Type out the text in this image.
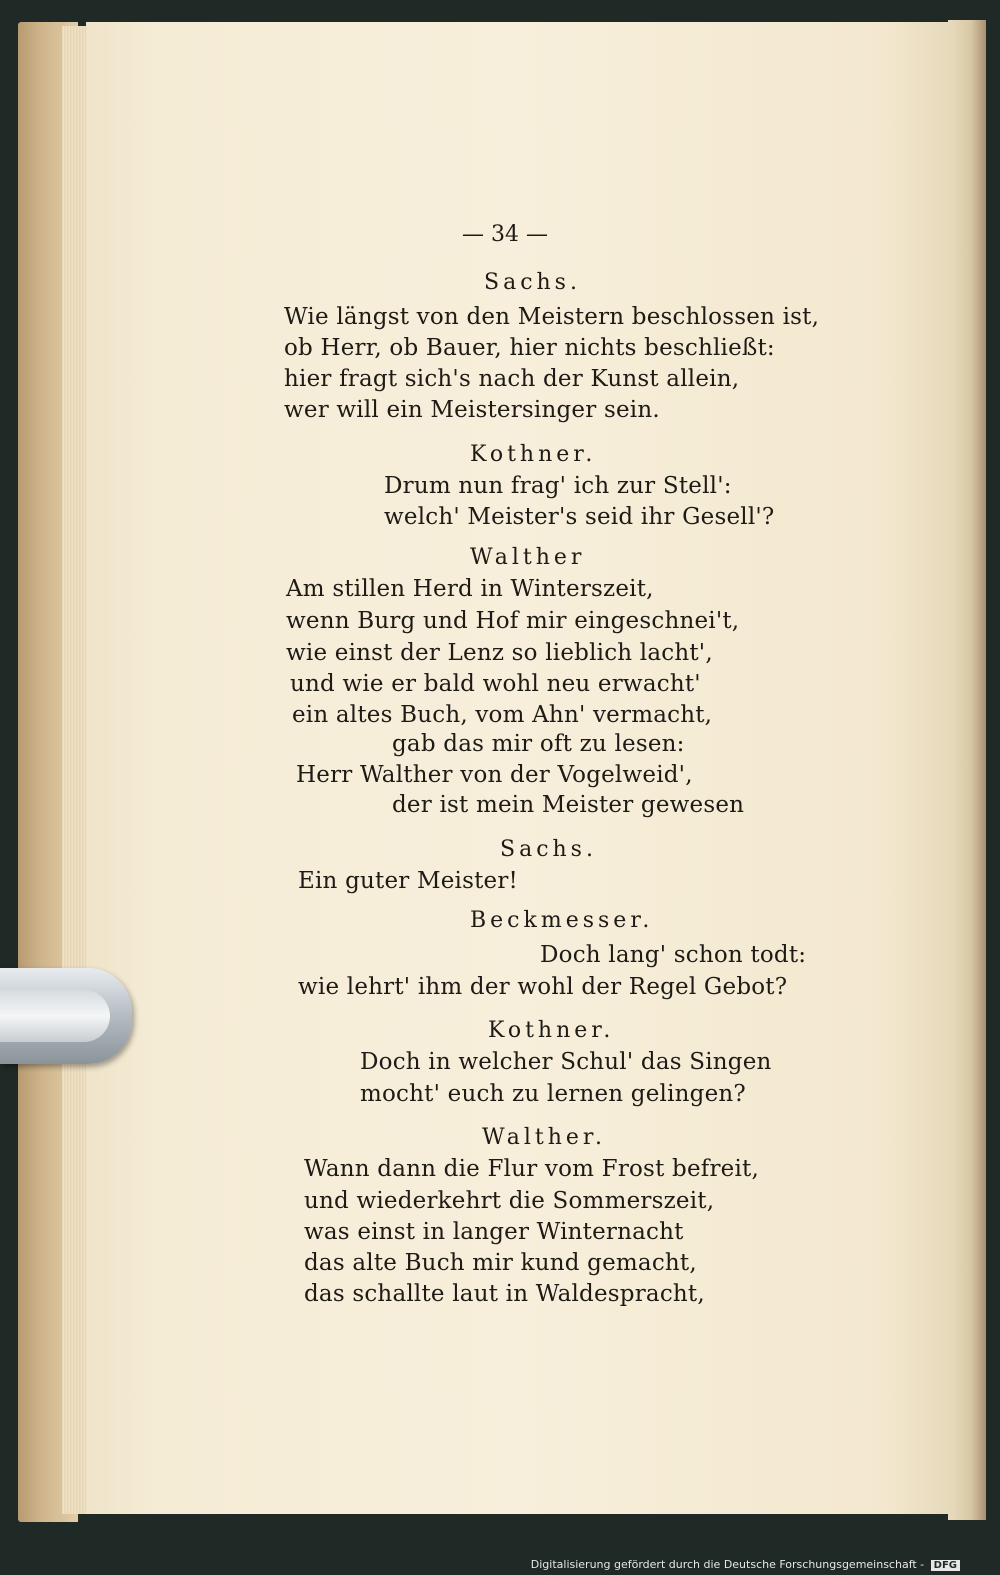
— 34 —
Sachs.
Wie längst von den Meistern beschlossen ist,
ob Herr, ob Bauer, hier nichts beschließt:
hier fragt sich's nach der Kunst allein,
wer will ein Meistersinger sein.
Kothner.
Drum nun frag' ich zur Stell':
welch' Meister's seid ihr Gesell'?
Walther
Am stillen Herd in Winterszeit,
wenn Burg und Hof mir eingeschnei't,
wie einst der Lenz so lieblich lacht',
und wie er bald wohl neu erwacht'
ein altes Buch, vom Ahn' vermacht,
gab das mir oft zu lesen:
Herr Walther von der Vogelweid',
der ist mein Meister gewesen
Sachs.
Ein guter Meister!
Beckmesser.
Doch lang' schon todt:
wie lehrt' ihm der wohl der Regel Gebot?
Kothner.
Doch in welcher Schul' das Singen
mocht' euch zu lernen gelingen?
Walther.
Wann dann die Flur vom Frost befreit,
und wiederkehrt die Sommerszeit,
was einst in langer Winternacht
das alte Buch mir kund gemacht,
das schallte laut in Waldespracht,
Digitalisierung gefördert durch die Deutsche Forschungsgemeinschaft - DFG
